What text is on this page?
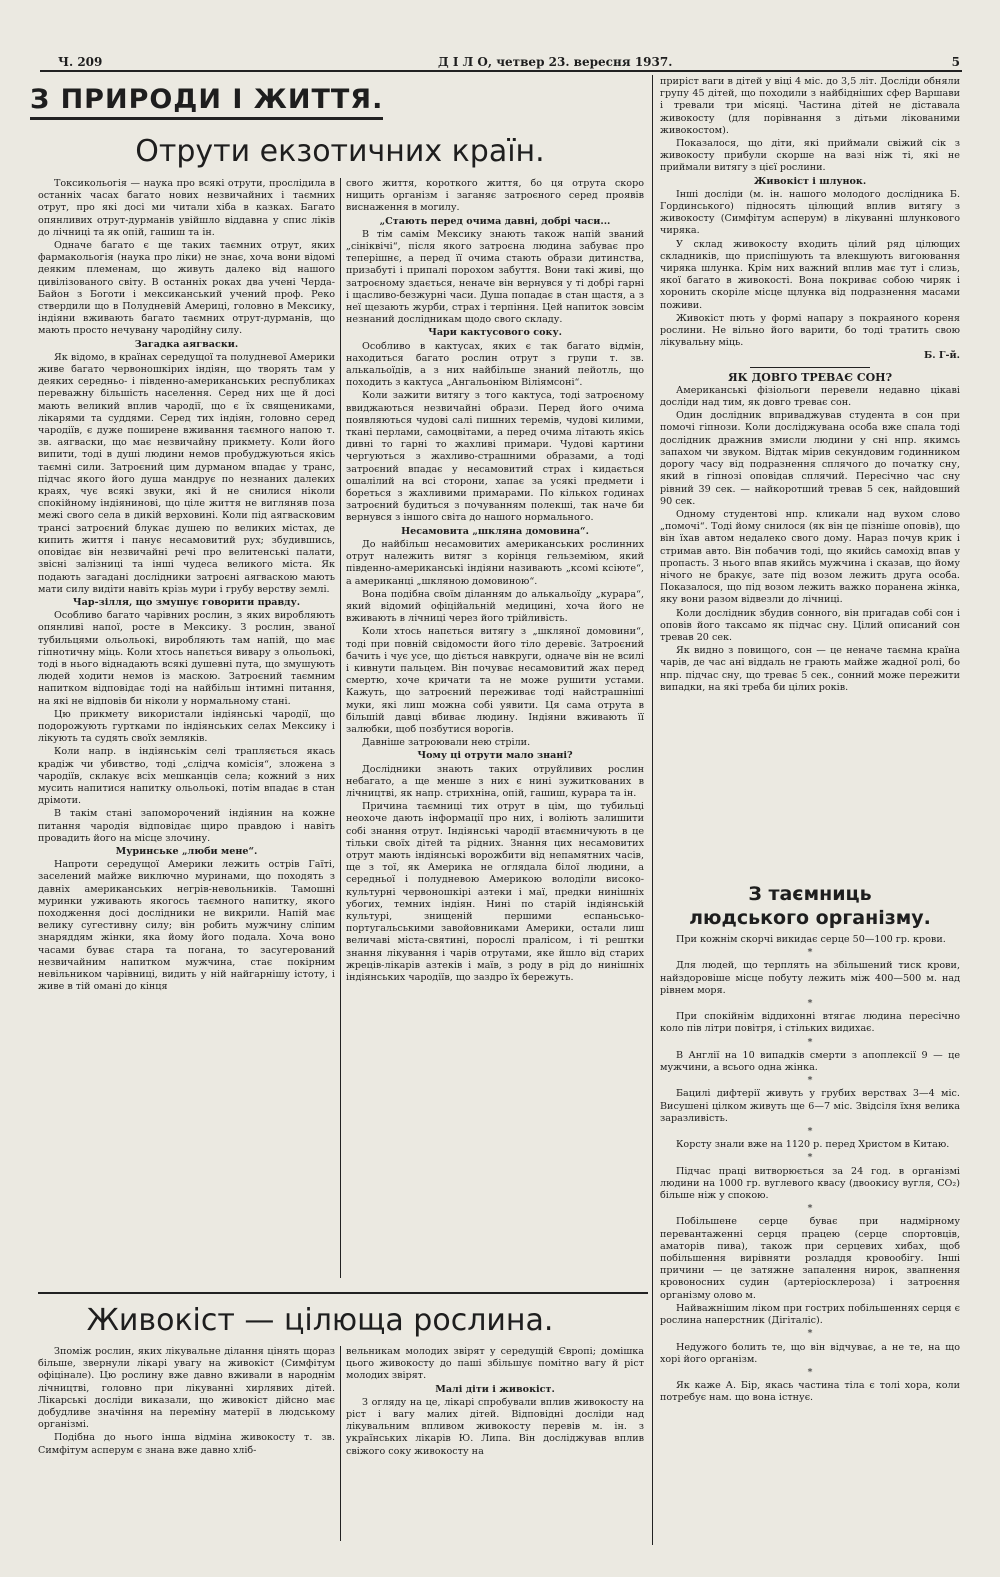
Ч. 209	Д І Л О, четвер 23. вересня 1937.	5
З ПРИРОДИ І ЖИТТЯ.
Отрути екзотичних країн.

Токсикольогія — наука про всякі отрути, прослідила в останніх часах багато нових незвичайних і таємних отрут, про які досі ми читали хіба в казках. Багато опянливих отрут-дурманів увійшло віддавна у спис ліків до лічниці та як опій, гашиш та ін.

Одначе багато є ще таких таємних отрут, яких фармакольогія (наука про ліки) не знає, хоча вони відомі деяким племенам, що живуть далеко від нашого цивілізованого світу. В останніх роках два учені Черда-Байон з Боготи і мексиканський учений проф. Реко ствердили що в Полудневій Америці, головно в Мексику, індіяни вживають багато таємних отрут-дурманів, що мають просто нечувану чародійну силу.

Загадка аягваски.

Як відомо, в країнах середущої та полудневої Америки живе багато червоношкірих індіян, що творять там у деяких середньо- і південно-американських республиках переважну більшість населення. Серед них ще й досі мають великий вплив чародії, що є їх священиками, лікарями та суддями. Серед тих індіян, головно серед чародіїв, є дуже поширене вживання таємного напою т. зв. аягваски, що має незвичайну прикмету. Коли його випити, тоді в душі людини немов пробуджуються якісь таємні сили. Затроєний цим дурманом впадає у транс, підчас якого його душа мандрує по незнаних далеких краях, чує всякі звуки, які й не снилися ніколи спокійному індіянинові, що ціле життя не вигляняв поза межі свого села в дикій верховині. Коли під аягвасковим трансі затроєний блукає душею по великих містах, де кипить життя і панує несамовитий рух; збудившись, оповідає він незвичайні речі про велитенські палати, звісні залізниці та інші чудеса великого міста. Як подають загадані дослідники затроєні аягваскою мають мати силу видіти навіть крізь мури і грубу верству землі.

Чар-зілля, що змушує говорити правду.

Особливо багато чарівних рослин, з яких виробляють опянливі напої, росте в Мексику. З рослин, званої тубильцями ольольокі, виробляють там напій, що має гіпнотичну міць. Коли хтось напється вивару з ольольокі, тоді в нього віднадають всякі душевні пута, що змушують людей ходити немов із маскою. Затроєний таємним напитком відповідає тоді на найбільш інтимні питання, на які не відповів би ніколи у нормальному стані.

Цю прикмету використали індіянські чародії, що подорожують гуртками по індіянських селах Мексику і лікують та судять своїх земляків.

Коли напр. в індіянськім селі трапляється якась крадіж чи убивство, тоді „слідча комісія“, зложена з чародіїв, склакує всіх мешканців села; кожний з них мусить напитися напитку ольольокі, потім впадає в стан дрімоти.

В такім стані запоморочений індіянин на кожне питання чародія відповідає щиро правдою і навіть провадить його на місце злочину.

Муринське „люби мене“.

Напроти середущої Америки лежить острів Гаїті, заселений майже виключно муринами, що походять з давніх американських негрів-невольників. Тамошні муринки уживають якогось таємного напитку, якого походження досі дослідники не викрили. Напій має велику сугестивну силу; він робить мужчину сліпим знаряддям жінки, яка йому його подала. Хоча воно часами буває стара та погана, то засугерований незвичайним напитком мужчина, стає покірним невільником чарівниці, видить у ній найгарнішу істоту, і живе в тій омані до кінця

свого життя, короткого життя, бо ця отрута скоро нищить організм і заганяє затроєного серед проявів виснаження в могилу.

„Стають перед очима давні, добрі часи...

В тім самім Мексику знають також напій званий „сініквічі“, після якого затроєна людина забуває про теперішнє, а перед її очима стають образи дитинства, призабуті і припалі порохом забуття. Вони такі живі, що затроєному здається, неначе він вернувся у ті добрі гарні і щасливо-безжурні часи. Душа попадає в стан щастя, а з неї щезають журби, страх і терпіння. Цей напиток зовсім незнаний дослідникам щодо свого складу.

Чари кактусового соку.

Особливо в кактусах, яких є так багато відмін, находиться багато рослин отрут з групи т. зв. алькальоїдів, а з них найбільше знаний пейотль, що походить з кактуса „Ангальоніюм Віліямсоні“.

Коли зажити витягу з того кактуса, тоді затроєному ввиджаються незвичайні образи. Перед його очима появляються чудові салі пишних теремів, чудові килими, ткані перлами, самоцвітами, а перед очима літають якісь дивні то гарні то жахливі примари. Чудові картини чергуються з жахливо-страшними образами, а тоді затроєний впадає у несамовитий страх і кидається ошалілий на всі сторони, хапає за усякі предмети і бореться з жахливими примарами. По кількох годинах затроєний будиться з почуванням полекші, так наче би вернувся з іншого світа до нашого нормального.

Несамовита „шкляна домовина“.

До найбільш несамовитих американських рослинних отрут належить витяг з корінця гельземіюм, який південно-американські індіяни називають „ксомі ксіюте“, а американці „шкляною домовиною“.

Вона подібна своїм діланням до алькальоїду „курара“, який відомий офіційальній медицині, хоча його не вживають в лічниці через його трійливість.

Коли хтось напється витягу з „шкляної домовини“, тоді при повній свідомости його тіло деревіє. Затроєний бачить і чує усе, що діється навкруги, одначе він не всилі і кивнути пальцем. Він почуває несамовитий жах перед смертю, хоче кричати та не може рушити устами. Кажуть, що затроєний переживає тоді найстрашніші муки, які лиш можна собі уявити. Ця сама отрута в більшій давці вбиває людину. Індіяни вживають її залюбки, щоб позбутися ворогів.

Давніше затроювали нею стріли.

Чому ці отрути мало знані?

Дослідники знають таких отруйливих рослин небагато, а ще менше з них є нині зужиткованих в лічництві, як напр. стрихніна, опій, гашиш, курара та ін.

Причина таємниці тих отрут в цім, що тубильці неохоче дають інформації про них, і воліють залишити собі знання отрут. Індіянські чародії втаємничують в це тільки своїх дітей та рідних. Знання цих несамовитих отрут мають індіянські ворожбити від непамятних часів, ще з тої, як Америка не оглядала білої людини, а середньої і полудневою Америкою володіли високо-культурні червоношкірі азтеки і маї, предки нинішніх убогих, темних індіян. Нині по старій індіянській культурі, знищеній першими еспаньсько-португальськими завойовниками Америки, остали лиш величаві міста-святині, порослі пралісом, і ті рештки знання лікування і чарів отрутами, яке йшло від старих жреців-лікарів азтеків і маїв, з роду в рід до нинішніх індіянських чародіїв, що заздро їх бережуть.

Живокіст — цілюща рослина.

Зпоміж рослин, яких лікувальне ділання цінять щораз більше, звернули лікарі увагу на живокіст (Симфітум офіцінале). Цю рослину вже давно вживали в народнім лічництві, головно при лікуванні хирлявих дітей. Лікарські досліди виказали, що живокіст дійсно має добудливе значіння на переміну матерії в людському організмі.

Подібна до нього інша відміна живокосту т. зв. Симфітум асперум є знана вже давно хліб-

вельникам молодих звірят у середущій Європі; домішка цього живокосту до паші збільшує помітно вагу й ріст молодих звірят.

Малі діти і живокіст.

З огляду на це, лікарі спробували вплив живокосту на ріст і вагу малих дітей. Відповідні досліди над лікувальним впливом живокосту перевів м. ін. з українських лікарів Ю. Липа. Він досліджував вплив свіжого соку живокосту на

приріст ваги в дітей у віці 4 міс. до 3,5 літ. Досліди обняли групу 45 дітей, що походили з найбідніших сфер Варшави і тревали три місяці. Частина дітей не діставала живокосту (для порівнання з дітьми лікованими живокостом).

Показалося, що діти, які приймали свіжий сік з живокосту прибули скорше на вазі ніж ті, які не приймали витягу з цієї рослини.

Живокіст і шлунок.

Інші досліди (м. ін. нашого молодого дослідника Б. Гординського) підносять цілющий вплив витягу з живокосту (Симфітум асперум) в лікуванні шлункового чиряка.

У склад живокосту входить цілий ряд цілющих складників, що приспішують та влекшують вигоювання чиряка шлунка. Крім них важний вплив має тут і слизь, якої багато в живокості. Вона покриває собою чиряк і хоронить скоріле місце щлунка від подразнення масами поживи.

Живокіст пють у формі напару з покраяного кореня рослини. Не вільно його варити, бо тоді тратить свою лікувальну міць.

Б. Г-й.

ЯК ДОВГО ТРЕВАЄ СОН?

Американські фізіольоги перевели недавно цікаві досліди над тим, як довго треває сон.

Один дослідник вприваджував студента в сон при помочі гіпнози. Коли досліджувана особа вже спала тоді дослідник дражнив змисли людини у сні нпр. якимсь запахом чи звуком. Відтак мірив секундовим годинником дорогу часу від подразнення сплячого до початку сну, який в гіпнозі оповідав сплячий. Пересічно час сну рівний 39 сек. — найкоротший тревав 5 сек, найдовший 90 сек.

Одному студентові нпр. кликали над вухом слово „помочі“. Тоді йому снилося (як він це пізніше оповів), що він їхав автом недалеко свого дому. Нараз почув крик і стримав авто. Він побачив тоді, що якийсь самохід впав у пропасть. З нього впав якийсь мужчина і сказав, що йому нічого не бракує, зате під возом лежить друга особа. Показалося, що під возом лежить важко поранена жінка, яку вони разом відвезли до лічниці.

Коли дослідник збудив сонного, він пригадав собі сон і оповів його таксамо як підчас сну. Цілий описаний сон тревав 20 сек.

Як видно з повищого, сон — це неначе таємна країна чарів, де час ані віддаль не грають майже жадної ролі, бо нпр. підчас сну, що треває 5 сек., сонний може пережити випадки, на які треба би цілих років.

З таємниць
людського організму.

При кожнім скорчі викидає серце 50—100 гр. крови.

*

Для людей, що терплять на збільшений тиск крови, найздоровіше місце побуту лежить між 400—500 м. над рівнем моря.

*

При спокійнім віддихоннi втягає людина пересічно коло пів літри повітря, і стільких видихає.

*

В Англії на 10 випадків смерти з апоплексії 9 — це мужчини, а всього одна жінка.

*

Бацилі дифтерії живуть у грубих верствах 3—4 міс. Висушені цілком живуть ще 6—7 міс. Звідсіля їхня велика заразливість.

*

Корсту знали вже на 1120 р. перед Христом в Китаю.

*

Підчас праці витворюється за 24 год. в організмі людини на 1000 гр. вуглевого квасу (двоокису вугля, CO₂) більше ніж у спокою.

*

Побільшене серце буває при надмірному перевантаженні серця працею (серце спортовців, аматорів пива), також при серцевих хибах, щоб побільшення вирівняти розладдя кровообігу. Інші причини — це затяжне запалення нирок, звапнення кровоносних судин (артеріосклероза) і затроєння організму олово м.

Найважнішим ліком при гострих побільшеннях серця є рослина наперстник (Дігіталіс).

*

Недужого болить те, що він відчуває, а не те, на що хорі його організм.

*

Як каже А. Бір, якась частина тіла є толі хора, коли потребує нам. що вона істнує.
